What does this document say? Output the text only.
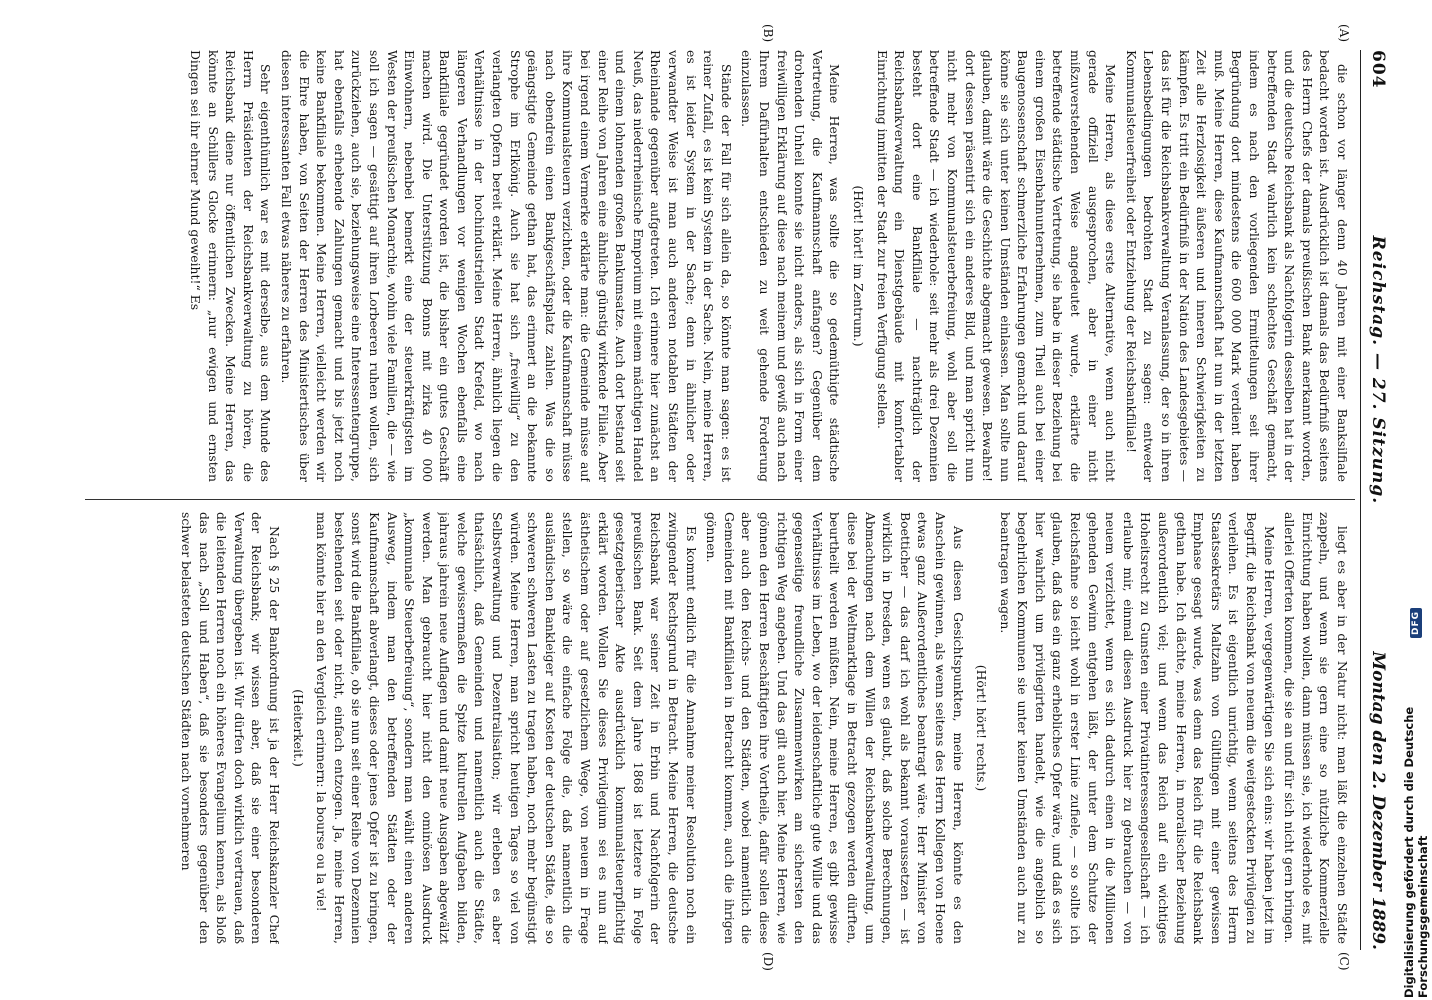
604
Reichstag. — 27. Sitzung.
Montag den 2. Dezember 1889.
(A)
(B)
(C)
(D)

die schon vor länger denn 40 Jahren mit einer Banksilfiale bedacht worden ist. Ausdrücklich ist damals das Bedürfniß seitens des Herrn Chefs der damals preußischen Bank anerkannt worden, und die deutsche Reichsbank als Nachfolgerin desselben hat in der betreffenden Stadt wahrlich kein schlechtes Geschäft gemacht, indem es nach den vorliegenden Ermittelungen seit ihrer Begründung dort mindestens die 600 000 Mark verdient haben muß. Meine Herren, diese Kaufmannschaft hat nun in der letzten Zeit alle Herzlosigkeit äußeren und inneren Schwierigkeiten zu kämpfen. Es tritt ein Bedürfniß in der Nation des Landesgebietes — das ist für die Reichsbankverwaltung Veranlassung, der so in ihren Lebensbedingungen bedrohten Stadt zu sagen: entweder Kommunalsteuerfreiheit oder Entziehung der Reichsbankfiliale!

Meine Herren, als diese erste Alternative, wenn auch nicht gerade offiziell ausgesprochen, aber in einer nicht mißzuverstehenden Weise angedeutet wurde, erklärte die betreffende städtische Vertretung, sie habe in dieser Beziehung bei einem großen Eisenbahnunternehmen, zum Theil auch bei einer Baugenossenschaft schmerzliche Erfahrungen gemacht und darauf könne sie sich unter keinen Umständen einlassen. Man sollte nun glauben, damit wäre die Geschichte abgemacht gewesen. Bewahre! dort dessen präsentirt sich ein anderes Bild, und man spricht nun nicht mehr von Kommunalsteuerbefreiung, wohl aber soll die betreffende Stadt — ich wiederhole: seit mehr als drei Dezennien besteht dort eine Bankfiliale — nachträglich der Reichsbankverwaltung ein Dienstgebäude mit komfortabler Einrichtung inmitten der Stadt zur freien Verfügung stellen.

(Hört! hört! im Zentrum.)

Meine Herren, was sollte die so gedemüthigte städtische Vertretung, die Kaufmannschaft anfangen? Gegenüber dem drohenden Unheil konnte sie nicht anders, als sich in Form einer freiwilligen Erklärung auf diese nach meinem und gewiß auch nach Ihrem Dafürhalten entschieden zu weit gehende Forderung einzulassen.

Stände der Fall für sich allein da, so könnte man sagen: es ist reiner Zufall, es ist kein System in der Sache. Nein, meine Herren, es ist leider System in der Sache; denn in ähnlicher oder verwandter Weise ist man auch anderen notablen Städten der Rheinlande gegenüber aufgetreten. Ich erinnere hier zunächst an Neuß, das niederrheinische Emporium mit einem mächtigen Handel und einem lohnenden großen Bankumsatze. Auch dort bestand seit einer Reihe von Jahren eine ähnliche günstig wirkende Filiale. Aber bei irgend einem Vermerke erklärte man: die Gemeinde müsse auf ihre Kommunalsteuern verzichten, oder die Kaufmannschaft müsse nach obendrein einen Bankgeschäftsplatz zahlen. Was die so geängstigte Gemeinde gethan hat, das erinnert an die bekannte Strophe im Erlkönig. Auch sie hat sich „freiwillig“ zu den verlangten Opfern bereit erklärt. Meine Herren, ähnlich liegen die Verhältnisse in der hochindustriellen Stadt Krefeld, wo nach längeren Verhandlungen vor wenigen Wochen ebenfalls eine Bankfiliale gegründet worden ist, die bisher ein gutes Geschäft machen wird. Die Unterstützung Bonns mit zirka 40 000 Einwohnern, nebenbei bemerkt eine der steuerkräftigsten im Westen der preußischen Monarchie, wohin viele Familien, die — wie soll ich sagen — gesättigt auf ihren Lorbeeren ruhen wollen, sich zurückziehen, auch sie, beziehungsweise eine Interessentengruppe, hat ebenfalls erhebende Zahlungen gemacht und bis jetzt noch keine Bankfiliale bekommen. Meine Herren, vielleicht werden wir die Ehre haben, von Seiten der Herren des Ministertisches über diesen interessanten Fall etwas näheres zu erfahren.

Sehr eigenthümlich war es mit derselbe, aus dem Munde des Herrn Präsidenten der Reichsbankverwaltung zu hören, die Reichsbank diene nur öffentlichen Zwecken. Meine Herren, das könnte an Schillers Glocke erinnern: „nur ewigen und ernsten Dingen sei ihr ehrner Mund geweiht!“ Es

liegt es aber in der Natur nicht: man läßt die einzelnen Städte zappeln, und wenn sie gern eine so nützliche Kommerzielle Einrichtung haben wollen, dann müssen sie, ich wiederhole es, mit allerlei Offerten kommen, die sie an und für sich nicht gern bringen.

Meine Herren, vergegenwärtigen Sie sich eins: wir haben jetzt im Begriff, die Reichsbank von neuem die weitgesteckten Privilegien zu verleihen. Es ist eigentlich unrichtig, wenn seitens des Herrn Staatssekretärs Maltzahn von Gültlingen mit einer gewissen Emphase gesagt wurde, was denn das Reich für die Reichsbank gethan habe. Ich dächte, meine Herren, in moralischer Beziehung außerordentlich viel; und wenn das Reich auf ein wichtiges Hoheitsrecht zu Gunsten einer Privatinteressengesellschaft — ich erlaube mir, einmal diesen Ausdruck hier zu gebrauchen — von neuem verzichtet, wenn es sich dadurch einen in die Millionen gehenden Gewinn entgehen läßt, der unter dem Schutze der Reichsfahne so leicht wohl in erster Linie zufiele, — so sollte ich glauben, daß das ein ganz erhebliches Opfer wäre, und daß es sich hier wahrlich um privilegirten handelt, wie die angeblich so begehrlichen Kommunen sie unter keinen Umständen auch nur zu beantragen wagen.

(Hört! hört! rechts.)

Aus diesen Gesichtspunkten, meine Herren, könnte es den Anschein gewinnen, als wenn seitens des Herrn Kollegen von Hoene etwas ganz Außerordentliches beantragt wäre. Herr Minister von Boetticher — das darf ich wohl als bekannt voraussetzen — ist wirklich in Dresden, wenn es glaubt, daß solche Berechnungen, Abmachungen nach dem Willen der Reichsbankverwaltung, um diese bei der Weltmarktlage in Betracht gezogen werden dürften, beurtheilt werden müßten. Nein, meine Herren, es gibt gewisse Verhältnisse im Leben, wo der leidenschaftliche gute Wille und das gegenseitige freundliche Zusammenwirken am sichersten den richtigen Weg angeben. Und das gilt auch hier. Meine Herren, wie gönnen den Herren Beschäftigten ihre Vortheile, dafür sollen diese aber auch den Reichs- und den Städten, wobei namentlich die Gemeinden mit Bankfilialen in Betracht kommen, auch die ihrigen gönnen.

Es kommt endlich für die Annahme meiner Resolution noch ein zwingender Rechtsgrund in Betracht. Meine Herren, die deutsche Reichsbank war seiner Zeit in Erbin und Nachfolgerin der preußischen Bank. Seit dem Jahre 1868 ist letztere in Folge gesetzgeberischer Akte ausdrücklich kommunalsteuerpflichtig erklärt worden. Wollen Sie dieses Privilegium sei es nun auf ästhetischem oder auf gesetzlichem Wege, von neuem in Frage stellen, so wäre die einfache Folge die, daß namentlich die ausländischen Bankleiger auf Kosten der deutschen Städte, die so schweren schweren Lasten zu tragen haben, noch mehr begünstigt würden. Meine Herren, man spricht heutigen Tages so viel von Selbstverwaltung und Dezentralisation; wir erleben es aber thatsächlich, daß Gemeinden und namentlich auch die Städte, welche gewissermaßen die Spitze kulturellen Aufgaben bilden, jahraus jahrein neue Auflagen und damit neue Ausgaben abgewälzt werden. Man gebraucht hier nicht den ominösen Ausdruck „kommunale Steuerbefreiung“, sondern man wählt einen anderen Ausweg, indem man den betreffenden Städten oder der Kaufmannschaft abverlangt, dieses oder jenes Opfer ist zu bringen, sonst wird die Bankfiliale, ob sie nun seit einer Reihe von Dezennien bestehenden seit oder nicht, einfach entzogen. Ja, meine Herren, man könnte hier an den Vergleich erinnern: la bourse ou la vie!

(Heiterkeit.)

Nach § 25 der Bankordnung ist ja der Herr Reichskanzler Chef der Reichsbank; wir wissen aber, daß sie einer besonderen Verwaltung übergeben ist. Wir dürfen doch wirklich vertrauen, daß die leitenden Herren noch ein höheres Evangelium kennen, als bloß das nach „Soll und Haben“, daß sie besonders gegenüber den schwer belasteten deutschen Städten nach vornehmeren	Digitalisierung gefördert durch die Deutsche Forschungsgemeinschaft
DFG
